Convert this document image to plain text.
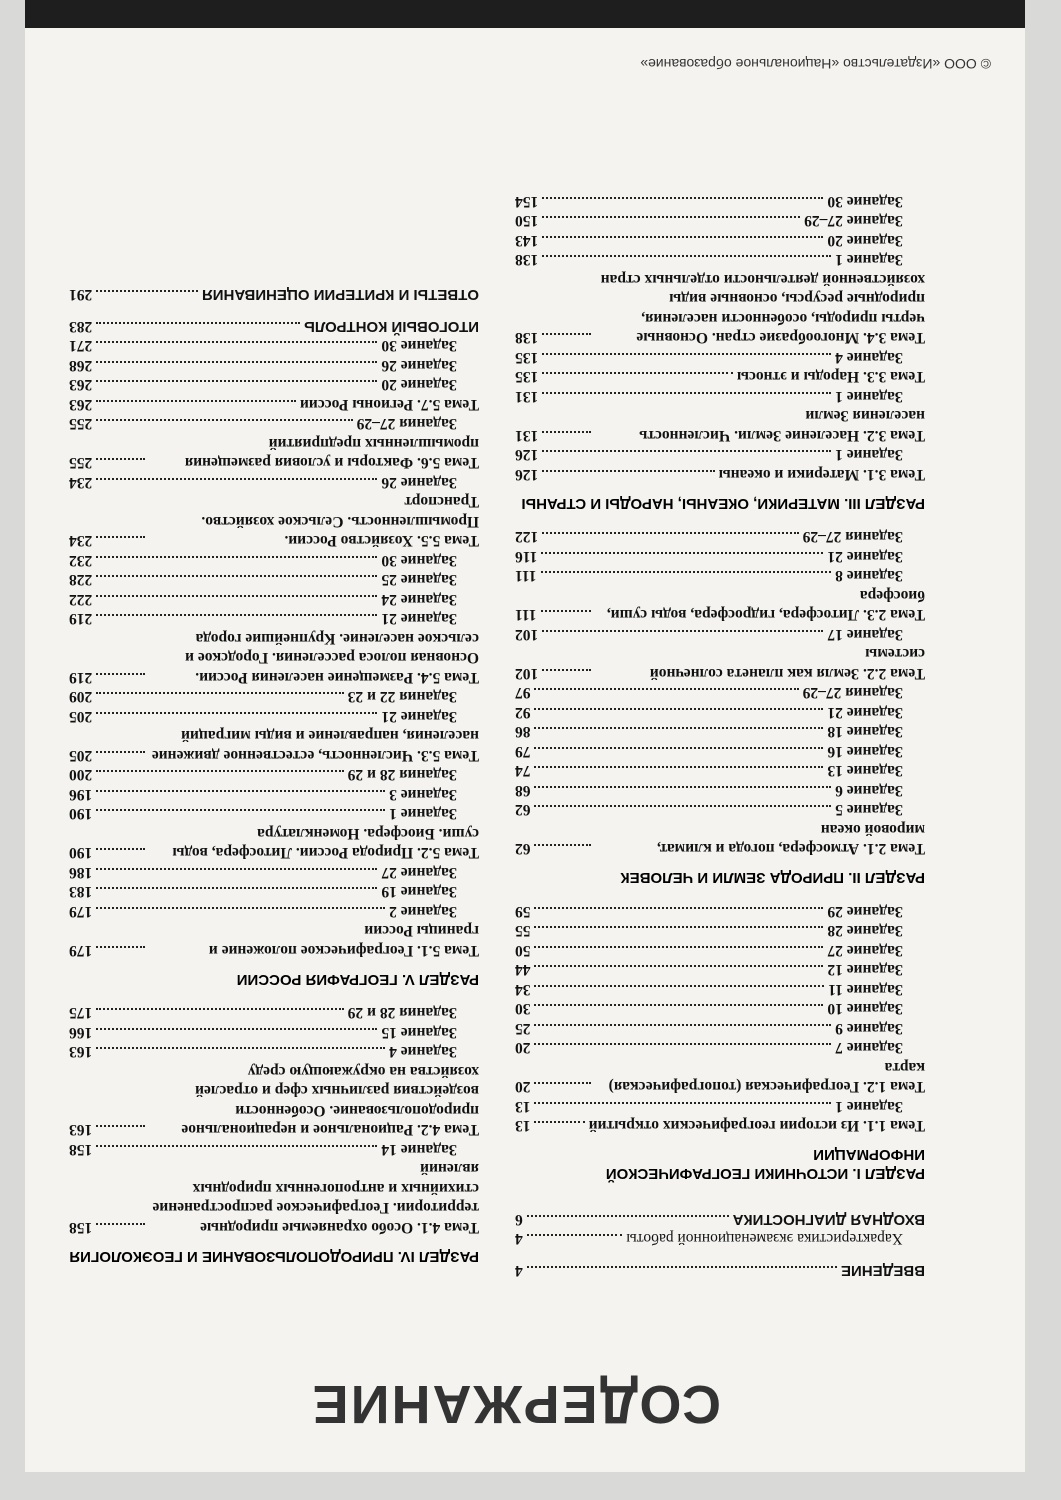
© ООО «Издательство «Национальное образование»
СОДЕРЖАНИЕ
ВВЕДЕНИЕ
4
Характеристика экзаменационной работы
4
ВХОДНАЯ ДИАГНОСТИКА
6
РАЗДЕЛ I. ИСТОЧНИКИ ГЕОГРАФИЧЕСКОЙ ИНФОРМАЦИИ
Тема 1.1. Из истории географических открытий
13
Задание 1
13
Тема 1.2. Географическая (топографическая) карта
20
Задание 7
20
Задание 9
25
Задание 10
30
Задание 11
34
Задание 12
44
Задание 27
50
Задание 28
55
Задание 29
59
РАЗДЕЛ II. ПРИРОДА ЗЕМЛИ И ЧЕЛОВЕК
Тема 2.1. Атмосфера, погода и климат, мировой океан
62
Задание 5
62
Задание 6
68
Задание 13
74
Задание 16
79
Задание 18
86
Задание 21
92
Задания 27–29
97
Тема 2.2. Земля как планета солнечной системы
102
Задание 17
102
Тема 2.3. Литосфера, гидросфера, воды суши, биосфера
111
Задание 8
111
Задание 21
116
Задания 27–29
122
РАЗДЕЛ III. МАТЕРИКИ, ОКЕАНЫ, НАРОДЫ И СТРАНЫ
Тема 3.1. Материки и океаны
126
Задание 1
126
Тема 3.2. Население Земли. Численность населения Земли
131
Задание 1
131
Тема 3.3. Народы и этносы
135
Задание 4
135
Тема 3.4. Многообразие стран. Основные черты природы, особенности населения, природные ресурсы, основные виды хозяйственной деятельности отдельных стран
138
Задание 1
138
Задание 20
143
Задание 27–29
150
Задание 30
154
РАЗДЕЛ IV. ПРИРОДОПОЛЬЗОВАНИЕ И ГЕОЭКОЛОГИЯ
Тема 4.1. Особо охраняемые природные территории. Географическое распространение стихийных и антропогенных природных явлений
158
Задание 14
158
Тема 4.2. Рациональное и нерациональное природопользование. Особенности воздействия различных сфер и отраслей хозяйства на окружающую среду
163
Задание 4
163
Задание 15
166
Задания 28 и 29
175
РАЗДЕЛ V. ГЕОГРАФИЯ РОССИИ
Тема 5.1. Географическое положение и границы России
179
Задание 2
179
Задание 19
183
Задание 27
186
Тема 5.2. Природа России. Литосфера, воды суши. Биосфера. Номенклатура
190
Задание 1
190
Задание 3
196
Задания 28 и 29
200
Тема 5.3. Численность, естественное движение населения, направление и виды миграций
205
Задание 21
205
Задания 22 и 23
209
Тема 5.4. Размещение населения России. Основная полоса расселения. Городское и сельское население. Крупнейшие города
219
Задание 21
219
Задание 24
222
Задание 25
228
Задание 30
232
Тема 5.5. Хозяйство России. Промышленность. Сельское хозяйство. Транспорт
234
Задание 26
234
Тема 5.6. Факторы и условия размещения промышленных предприятий
255
Задания 27–29
255
Тема 5.7. Регионы России
263
Задание 20
263
Задание 26
268
Задание 30
271
ИТОГОВЫЙ КОНТРОЛЬ
283
ОТВЕТЫ И КРИТЕРИИ ОЦЕНИВАНИЯ
291
